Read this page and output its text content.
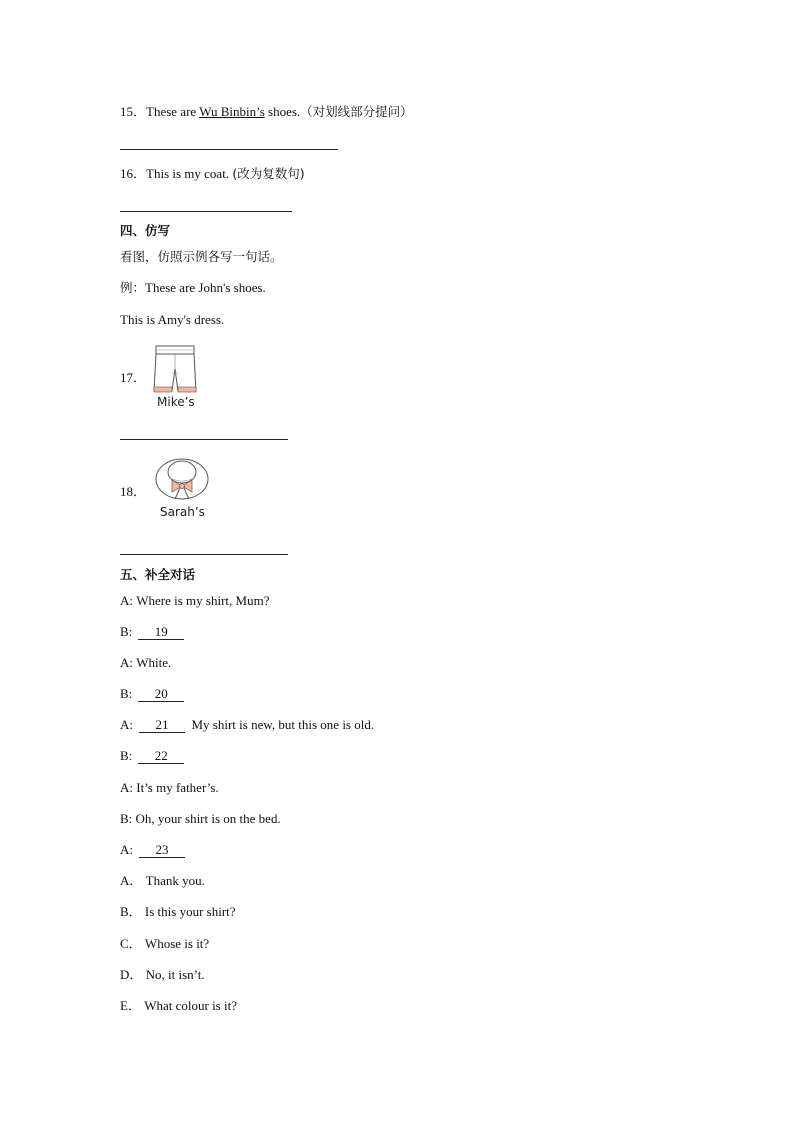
15．These are Wu Binbin’s shoes.（对划线部分提问）
16．This is my coat. (改为复数句)
四、仿写
看图，仿照示例各写一句话。
例：These are John's shoes.
This is Amy's dress.
17．
Mike’s
18．
Sarah’s
五、补全对话
A: Where is my shirt, Mum?
B: 19
A: White.
B: 20
A: 21 My shirt is new, but this one is old.
B: 22
A: It’s my father’s.
B: Oh, your shirt is on the bed.
A: 23
A． Thank you.
B． Is this your shirt?
C． Whose is it?
D． No, it isn’t.
E． What colour is it?
